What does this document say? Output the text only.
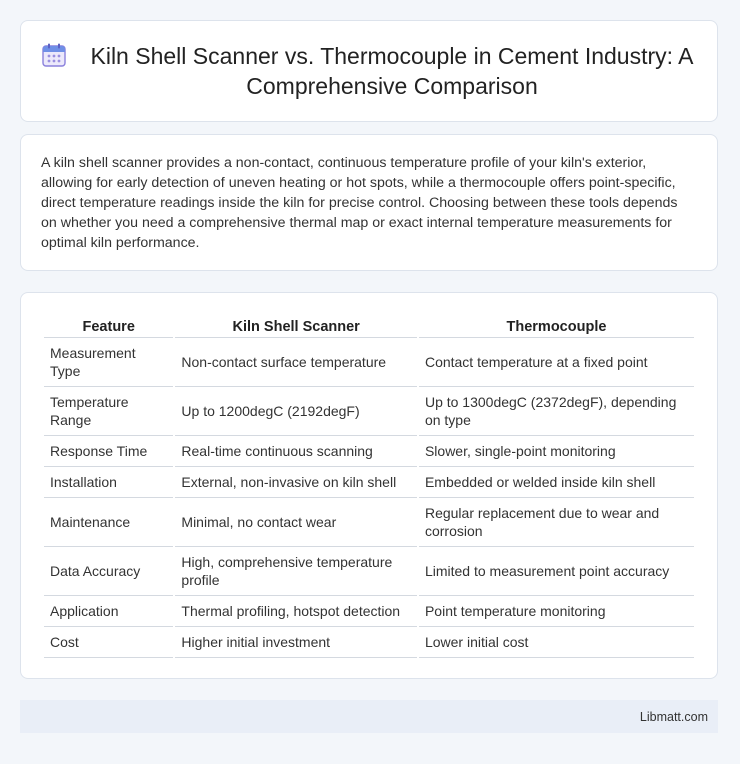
Kiln Shell Scanner vs. Thermocouple in Cement Industry: A Comprehensive Comparison

A kiln shell scanner provides a non-contact, continuous temperature profile of your kiln's exterior, allowing for early detection of uneven heating or hot spots, while a thermocouple offers point-specific, direct temperature readings inside the kiln for precise control. Choosing between these tools depends on whether you need a comprehensive thermal map or exact internal temperature measurements for optimal kiln performance.

Feature	Kiln Shell Scanner	Thermocouple
Measurement Type	Non-contact surface temperature	Contact temperature at a fixed point
Temperature Range	Up to 1200degC (2192degF)	Up to 1300degC (2372degF), depending on type
Response Time	Real-time continuous scanning	Slower, single-point monitoring
Installation	External, non-invasive on kiln shell	Embedded or welded inside kiln shell
Maintenance	Minimal, no contact wear	Regular replacement due to wear and corrosion
Data Accuracy	High, comprehensive temperature profile	Limited to measurement point accuracy
Application	Thermal profiling, hotspot detection	Point temperature monitoring
Cost	Higher initial investment	Lower initial cost
Libmatt.com
